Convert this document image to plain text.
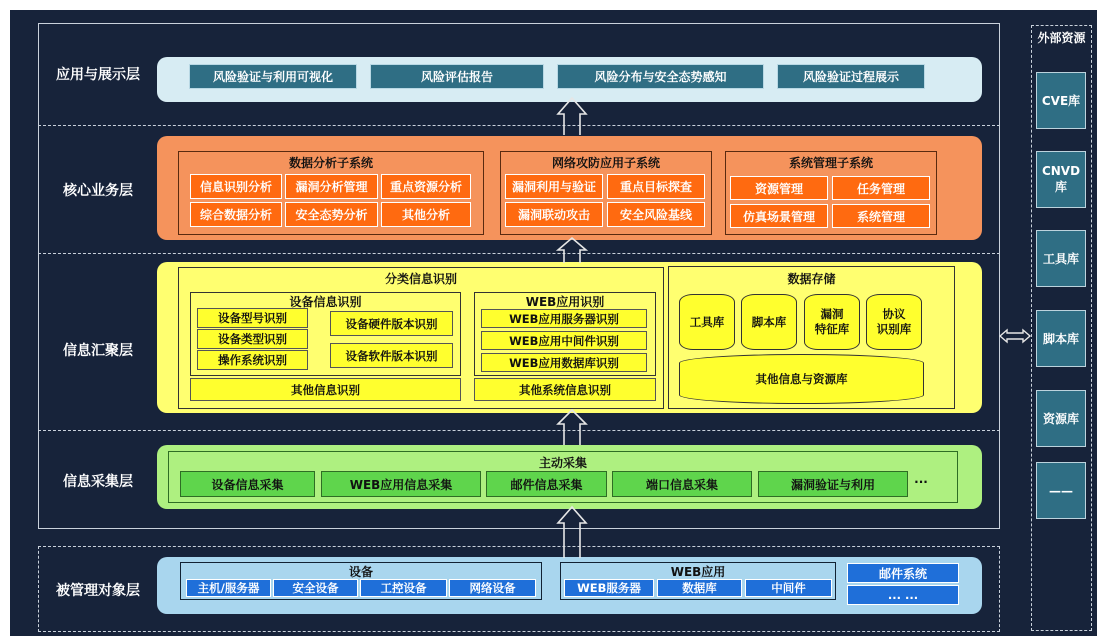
应用与展示层
核心业务层
信息汇聚层
信息采集层
被管理对象层
风险验证与利用可视化	风险评估报告	风险分布与安全态势感知	风险验证过程展示
数据分析子系统
信息识别分析	漏洞分析管理	重点资源分析
综合数据分析	安全态势分析	其他分析
网络攻防应用子系统
漏洞利用与验证	重点目标探查
漏洞联动攻击	安全风险基线
系统管理子系统
资源管理	任务管理
仿真场景管理	系统管理
分类信息识别
设备信息识别
设备型号识别
设备类型识别
操作系统识别
设备硬件版本识别
设备软件版本识别
WEB应用识别
WEB应用服务器识别
WEB应用中间件识别
WEB应用数据库识别
其他信息识别	其他系统信息识别
数据存储
工具库	脚本库
漏洞
特征库
协议
识别库
其他信息与资源库
主动采集
设备信息采集	WEB应用信息采集	邮件信息采集	端口信息采集	漏洞验证与利用	···
设备
主机/服务器	安全设备	工控设备	网络设备
WEB应用
WEB服务器	数据库	中间件
邮件系统
... ...
外部资源
CVE库
CNVD库
工具库
脚本库
资源库
——
